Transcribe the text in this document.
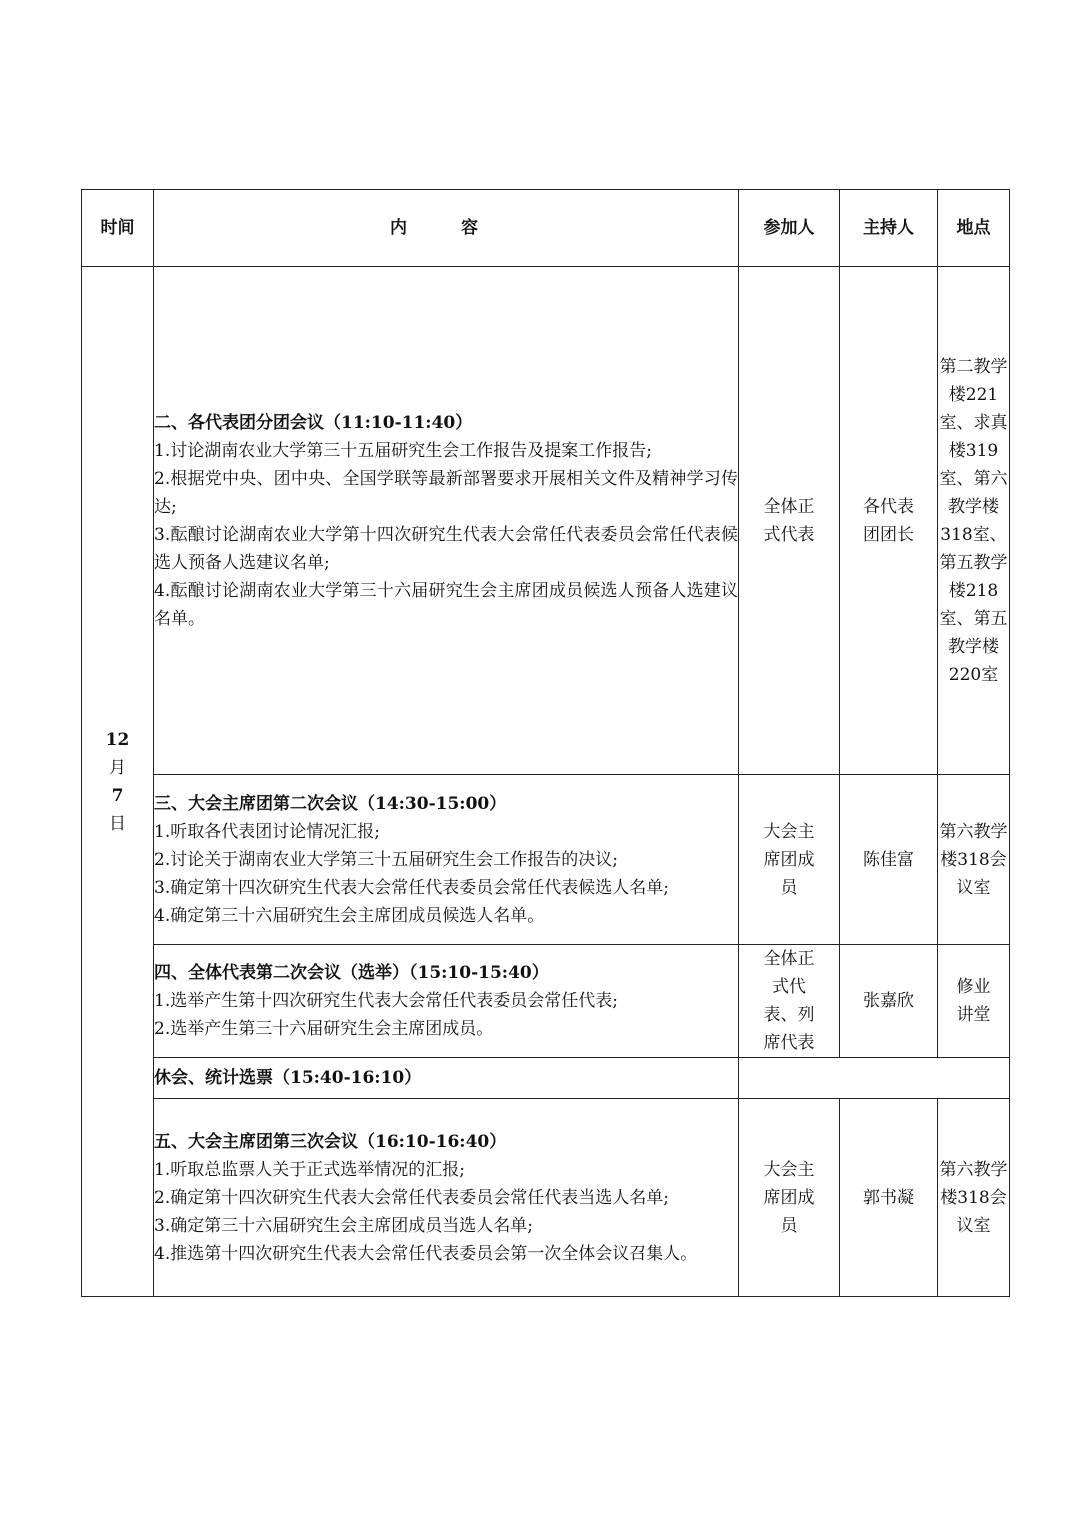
时间	内 容	参加人	主持人	地点

12
月
7
日	二、各代表团分团会议（11:10-11:40）
1.讨论湖南农业大学第三十五届研究生会工作报告及提案工作报告;
2.根据党中央、团中央、全国学联等最新部署要求开展相关文件及精神学习传达;
3.酝酿讨论湖南农业大学第十四次研究生代表大会常任代表委员会常任代表候选人预备人选建议名单;
4.酝酿讨论湖南农业大学第三十六届研究生会主席团成员候选人预备人选建议名单。	全体正式代表	各代表团团长	第二教学楼221室、求真楼319室、第六教学楼318室、第五教学楼218室、第五教学楼220室

	三、大会主席团第二次会议（14:30-15:00）
1.听取各代表团讨论情况汇报;
2.讨论关于湖南农业大学第三十五届研究生会工作报告的决议;
3.确定第十四次研究生代表大会常任代表委员会常任代表候选人名单;
4.确定第三十六届研究生会主席团成员候选人名单。	大会主席团成员	陈佳富	第六教学楼318会议室

	四、全体代表第二次会议（选举）（15:10-15:40）
1.选举产生第十四次研究生代表大会常任代表委员会常任代表;
2.选举产生第三十六届研究生会主席团成员。	全体正式代表、列席代表	张嘉欣	修业讲堂
	休会、统计选票（15:40-16:10）			

	五、大会主席团第三次会议（16:10-16:40）
1.听取总监票人关于正式选举情况的汇报;
2.确定第十四次研究生代表大会常任代表委员会常任代表当选人名单;
3.确定第三十六届研究生会主席团成员当选人名单;
4.推选第十四次研究生代表大会常任代表委员会第一次全体会议召集人。	大会主席团成员	郭书凝	第六教学楼318会议室
